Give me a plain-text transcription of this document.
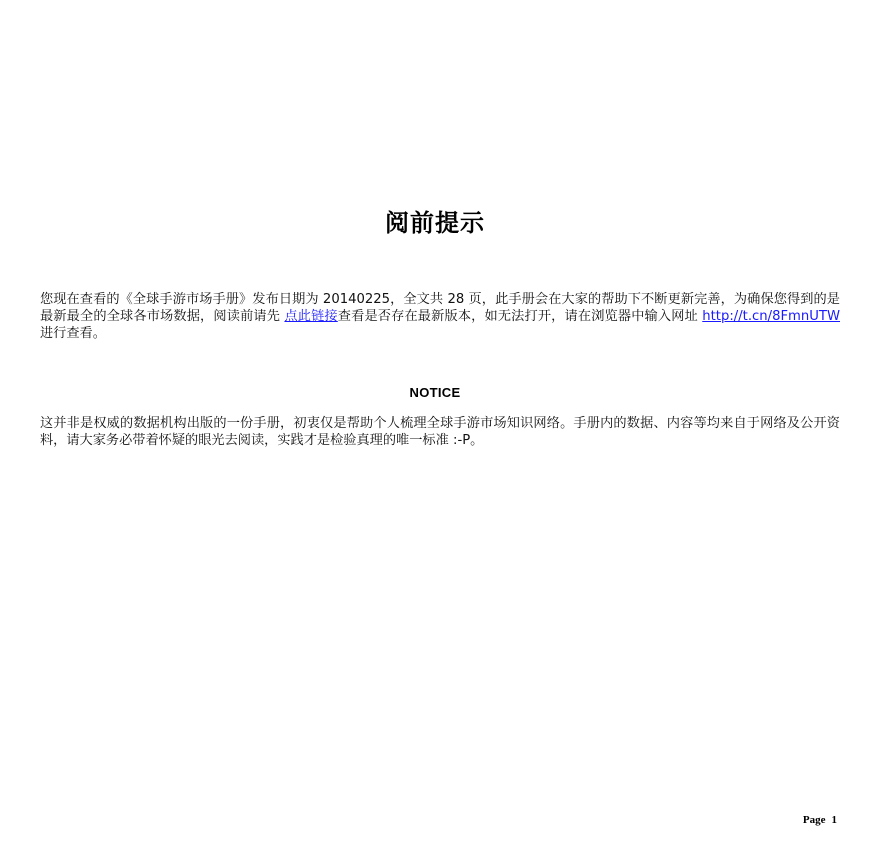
阅前提示
您现在查看的《全球手游市场手册》发布日期为 20140225，全文共 28 页，此手册会在大家的帮助下不断更新完善，为确保您得到的是最新最全的全球各市场数据，阅读前请先 点此链接查看是否存在最新版本，如无法打开，请在浏览器中输入网址 http://t.cn/8FmnUTW进行查看。
NOTICE
这并非是权威的数据机构出版的一份手册，初衷仅是帮助个人梳理全球手游市场知识网络。手册内的数据、内容等均来自于网络及公开资料，请大家务必带着怀疑的眼光去阅读，实践才是检验真理的唯一标准 :-P。
Page 1
